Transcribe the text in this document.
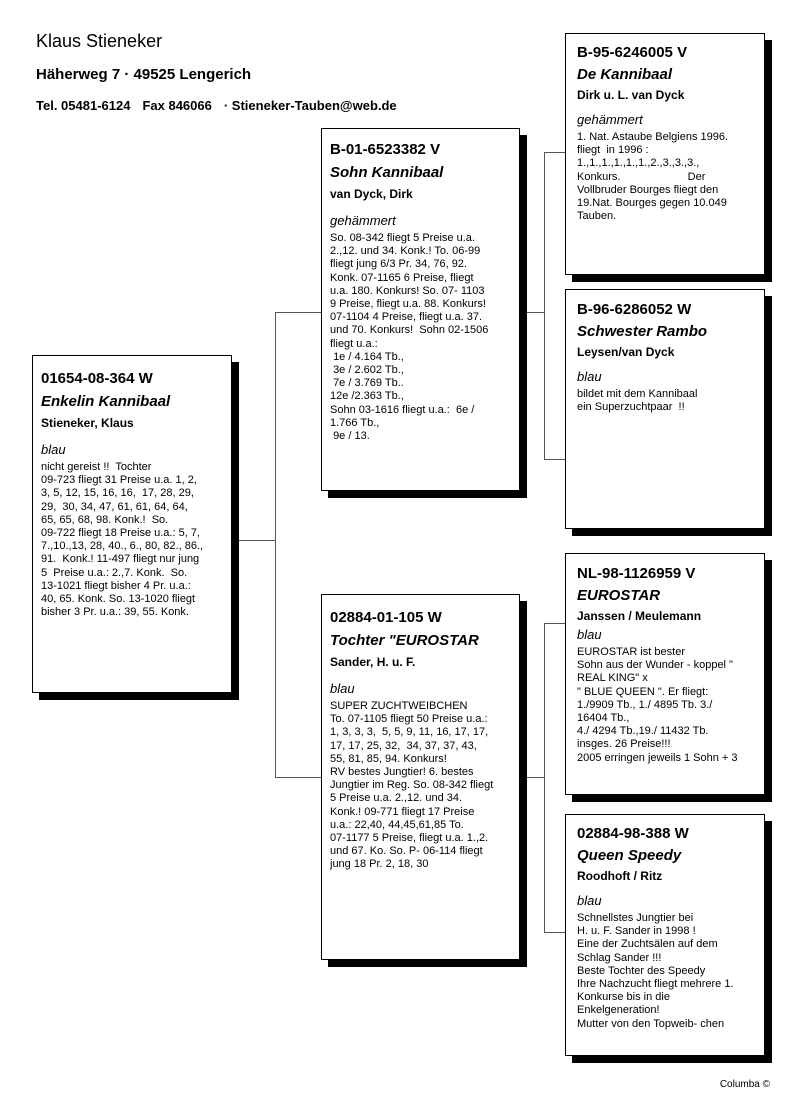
Klaus Stieneker
Häherweg 7 · 49525 Lengerich
Tel. 05481-6124 Fax 846066 · Stieneker-Tauben@web.de
01654-08-364 W
Enkelin Kannibaal
Stieneker, Klaus
blau
nicht gereist !!  Tochter
09-723 fliegt 31 Preise u.a. 1, 2,
3, 5, 12, 15, 16, 16,  17, 28, 29,
29,  30, 34, 47, 61, 61, 64, 64,
65, 65, 68, 98. Konk.!  So.
09-722 fliegt 18 Preise u.a.: 5, 7,
7.,10.,13, 28, 40., 6., 80, 82., 86.,
91.  Konk.! 11-497 fliegt nur jung
5  Preise u.a.: 2.,7. Konk.  So.
13-1021 fliegt bisher 4 Pr. u.a.:
40, 65. Konk. So. 13-1020 fliegt
bisher 3 Pr. u.a.: 39, 55. Konk.
B-01-6523382 V
Sohn Kannibaal
van Dyck, Dirk
gehämmert
So. 08-342 fliegt 5 Preise u.a.
2.,12. und 34. Konk.! To. 06-99
fliegt jung 6/3 Pr. 34, 76, 92.
Konk. 07-1165 6 Preise, fliegt
u.a. 180. Konkurs! So. 07- 1103
9 Preise, fliegt u.a. 88. Konkurs!
07-1104 4 Preise, fliegt u.a. 37.
und 70. Konkurs!  Sohn 02-1506
fliegt u.a.:
1e / 4.164 Tb.,
3e / 2.602 Tb.,
7e / 3.769 Tb..
12e /2.363 Tb.,
Sohn 03-1616 fliegt u.a.:  6e /
1.766 Tb.,
9e / 13.
02884-01-105 W
Tochter "EUROSTAR
Sander, H. u. F.
blau
SUPER ZUCHTWEIBCHEN
To. 07-1105 fliegt 50 Preise u.a.:
1, 3, 3, 3,  5, 5, 9, 11, 16, 17, 17,
17, 17, 25, 32,  34, 37, 37, 43,
55, 81, 85, 94. Konkurs!
RV bestes Jungtier! 6. bestes
Jungtier im Reg. So. 08-342 fliegt
5 Preise u.a. 2.,12. und 34.
Konk.! 09-771 fliegt 17 Preise
u.a.: 22,40, 44,45,61,85 To.
07-1177 5 Preise, fliegt u.a. 1.,2.
und 67. Ko. So. P- 06-114 fliegt
jung 18 Pr. 2, 18, 30
B-95-6246005 V
De Kannibaal
Dirk u. L. van Dyck
gehämmert
1. Nat. Astaube Belgiens 1996.
fliegt  in 1996 :
1.,1.,1.,1.,1.,1.,2.,3.,3.,3.,
Konkurs.                      Der
Vollbruder Bourges fliegt den
19.Nat. Bourges gegen 10.049
Tauben.
B-96-6286052 W
Schwester Rambo
Leysen/van Dyck
blau
bildet mit dem Kannibaal
ein Superzuchtpaar  !!
NL-98-1126959 V
EUROSTAR
Janssen / Meulemann
blau
EUROSTAR ist bester
Sohn aus der Wunder - koppel "
REAL KING" x
" BLUE QUEEN ". Er fliegt:
1./9909 Tb., 1./ 4895 Tb. 3./
16404 Tb.,
4./ 4294 Tb.,19./ 11432 Tb.
insges. 26 Preise!!!
2005 erringen jeweils 1 Sohn + 3
02884-98-388 W
Queen Speedy
Roodhoft / Ritz
blau
Schnellstes Jungtier bei
H. u. F. Sander in 1998 !
Eine der Zuchtsälen auf dem
Schlag Sander !!!
Beste Tochter des Speedy
Ihre Nachzucht fliegt mehrere 1.
Konkurse bis in die
Enkelgeneration!
Mutter von den Topweib- chen
Columba ©
